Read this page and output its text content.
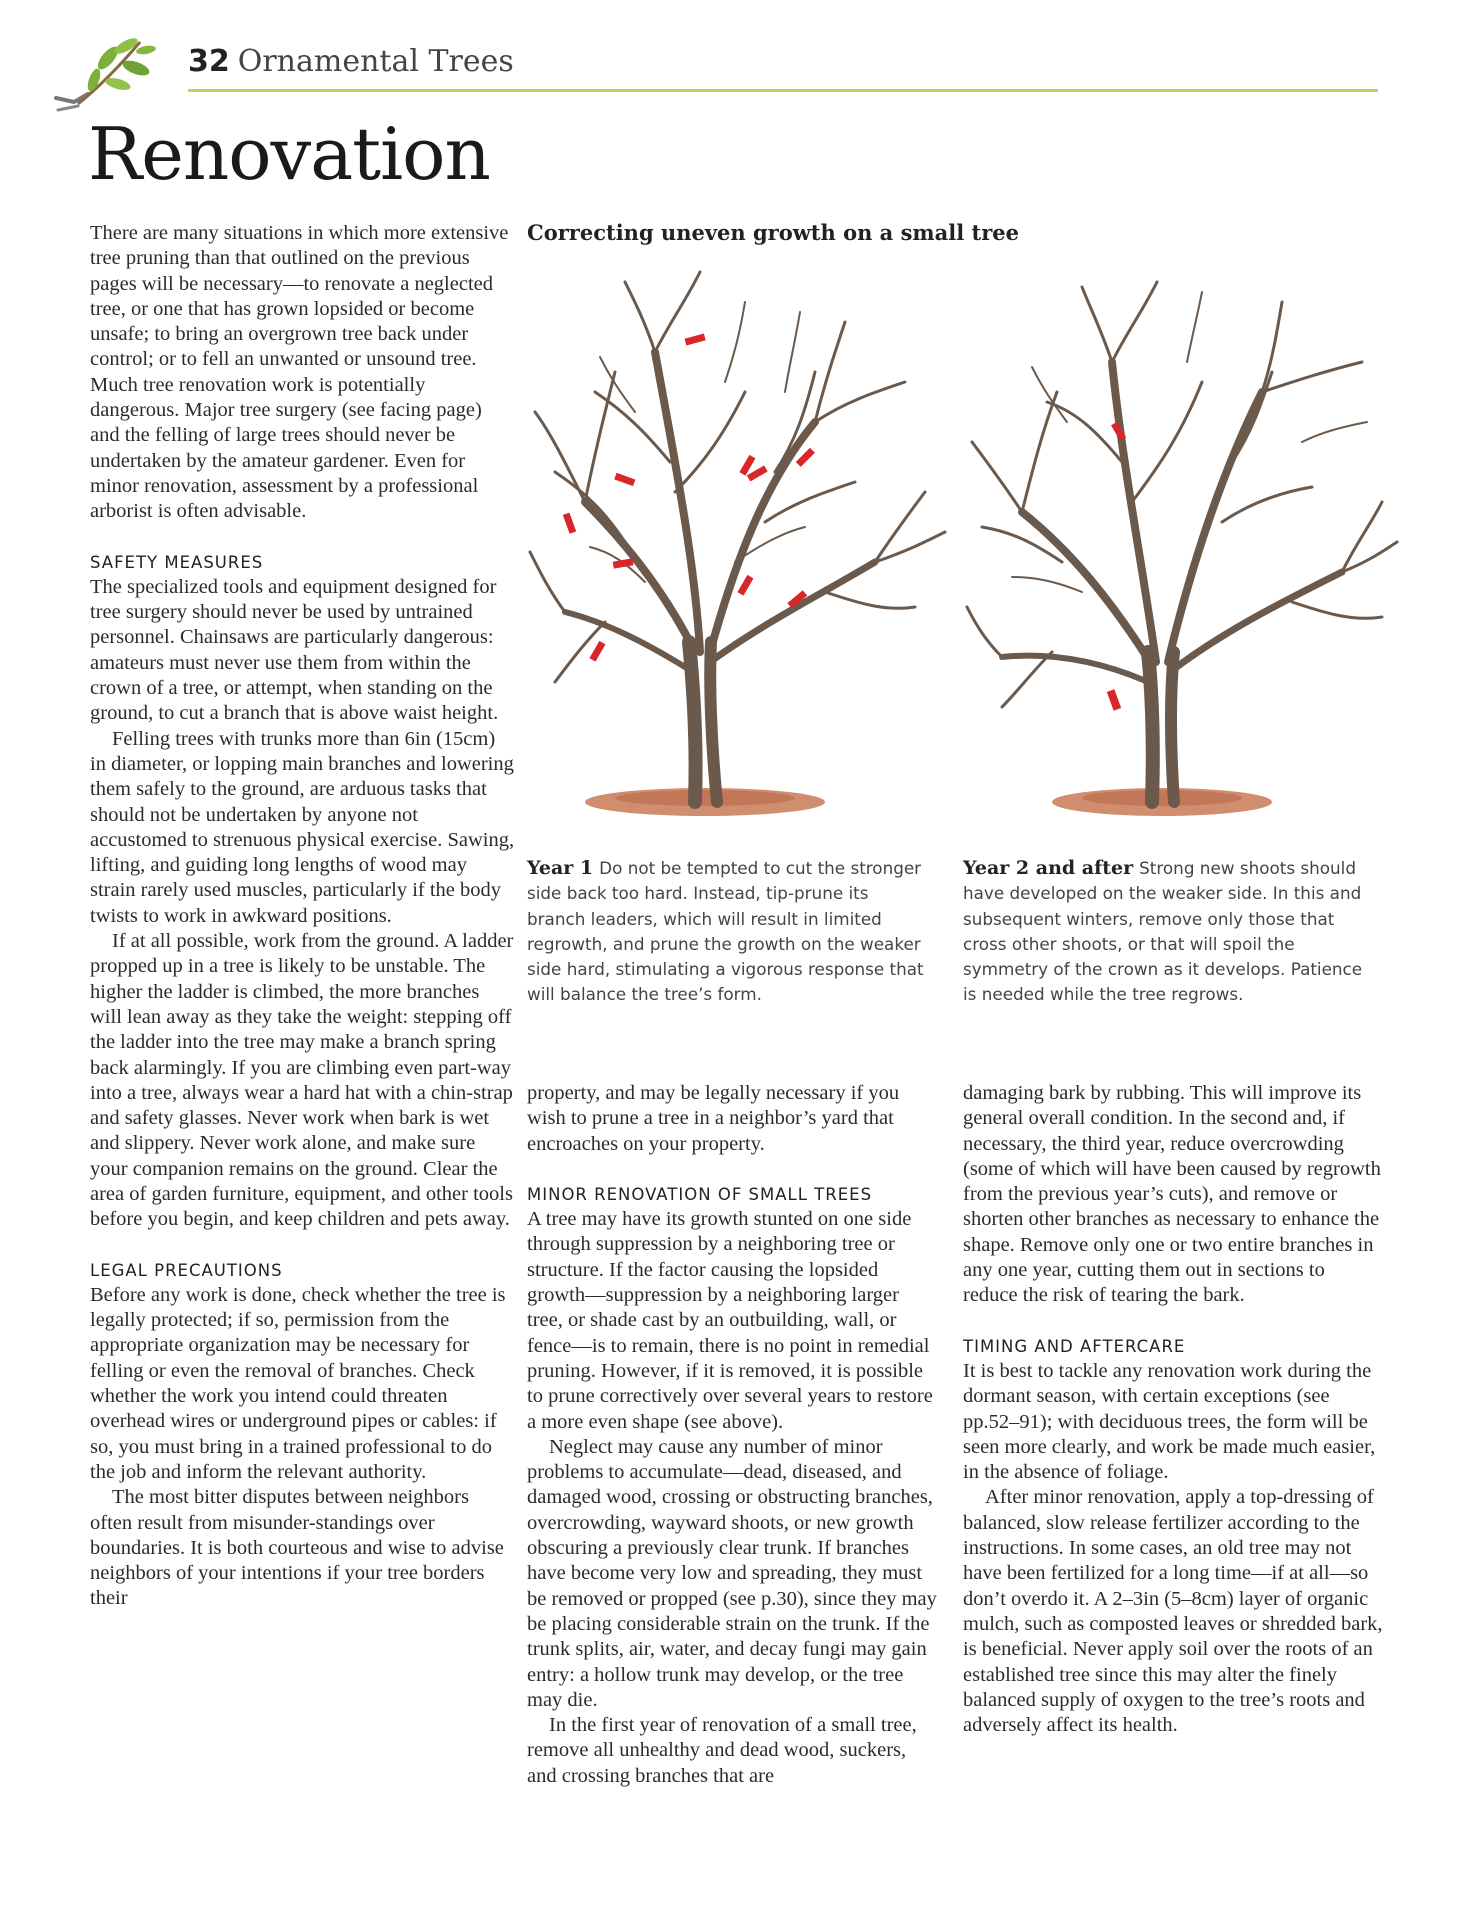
32 Ornamental Trees
Renovation

There are many situations in which more extensive tree pruning than that outlined on the previous pages will be necessary—to renovate a neglected tree, or one that has grown lopsided or become unsafe; to bring an overgrown tree back under control; or to fell an unwanted or unsound tree. Much tree renovation work is potentially dangerous. Major tree surgery (see facing page) and the felling of large trees should never be undertaken by the amateur gardener. Even for minor renovation, assessment by a professional arborist is often advisable.

SAFETY MEASURES

The specialized tools and equipment designed for tree surgery should never be used by untrained personnel. Chainsaws are particularly dangerous: amateurs must never use them from within the crown of a tree, or attempt, when standing on the ground, to cut a branch that is above waist height.

Felling trees with trunks more than 6in (15cm) in diameter, or lopping main branches and lowering them safely to the ground, are arduous tasks that should not be undertaken by anyone not accustomed to strenuous physical exercise. Sawing, lifting, and guiding long lengths of wood may strain rarely used muscles, particularly if the body twists to work in awkward positions.

If at all possible, work from the ground. A ladder propped up in a tree is likely to be unstable. The higher the ladder is climbed, the more branches will lean away as they take the weight: stepping off the ladder into the tree may make a branch spring back alarmingly. If you are climbing even part-way into a tree, always wear a hard hat with a chin-strap and safety glasses. Never work when bark is wet and slippery. Never work alone, and make sure your companion remains on the ground. Clear the area of garden furniture, equipment, and other tools before you begin, and keep children and pets away.

LEGAL PRECAUTIONS

Before any work is done, check whether the tree is legally protected; if so, permission from the appropriate organization may be necessary for felling or even the removal of branches. Check whether the work you intend could threaten overhead wires or underground pipes or cables: if so, you must bring in a trained professional to do the job and inform the relevant authority.

The most bitter disputes between neighbors often result from misunder-standings over boundaries. It is both courteous and wise to advise neighbors of your intentions if your tree borders their

Correcting uneven growth on a small tree
Year 1 Do not be tempted to cut the stronger side back too hard. Instead, tip-prune its branch leaders, which will result in limited regrowth, and prune the growth on the weaker side hard, stimulating a vigorous response that will balance the tree’s form.
Year 2 and after Strong new shoots should have developed on the weaker side. In this and subsequent winters, remove only those that cross other shoots, or that will spoil the symmetry of the crown as it develops. Patience is needed while the tree regrows.

property, and may be legally necessary if you wish to prune a tree in a neighbor’s yard that encroaches on your property.

MINOR RENOVATION OF SMALL TREES

A tree may have its growth stunted on one side through suppression by a neighboring tree or structure. If the factor causing the lopsided growth—suppression by a neighboring larger tree, or shade cast by an outbuilding, wall, or fence—is to remain, there is no point in remedial pruning. However, if it is removed, it is possible to prune correctively over several years to restore a more even shape (see above).

Neglect may cause any number of minor problems to accumulate—dead, diseased, and damaged wood, crossing or obstructing branches, overcrowding, wayward shoots, or new growth obscuring a previously clear trunk. If branches have become very low and spreading, they must be removed or propped (see p.30), since they may be placing considerable strain on the trunk. If the trunk splits, air, water, and decay fungi may gain entry: a hollow trunk may develop, or the tree may die.

In the first year of renovation of a small tree, remove all unhealthy and dead wood, suckers, and crossing branches that are

damaging bark by rubbing. This will improve its general overall condition. In the second and, if necessary, the third year, reduce overcrowding (some of which will have been caused by regrowth from the previous year’s cuts), and remove or shorten other branches as necessary to enhance the shape. Remove only one or two entire branches in any one year, cutting them out in sections to reduce the risk of tearing the bark.

TIMING AND AFTERCARE

It is best to tackle any renovation work during the dormant season, with certain exceptions (see pp.52–91); with deciduous trees, the form will be seen more clearly, and work be made much easier, in the absence of foliage.

After minor renovation, apply a top-dressing of balanced, slow release fertilizer according to the instructions. In some cases, an old tree may not have been fertilized for a long time—if at all—so don’t overdo it. A 2–3in (5–8cm) layer of organic mulch, such as composted leaves or shredded bark, is beneficial. Never apply soil over the roots of an established tree since this may alter the finely balanced supply of oxygen to the tree’s roots and adversely affect its health.
